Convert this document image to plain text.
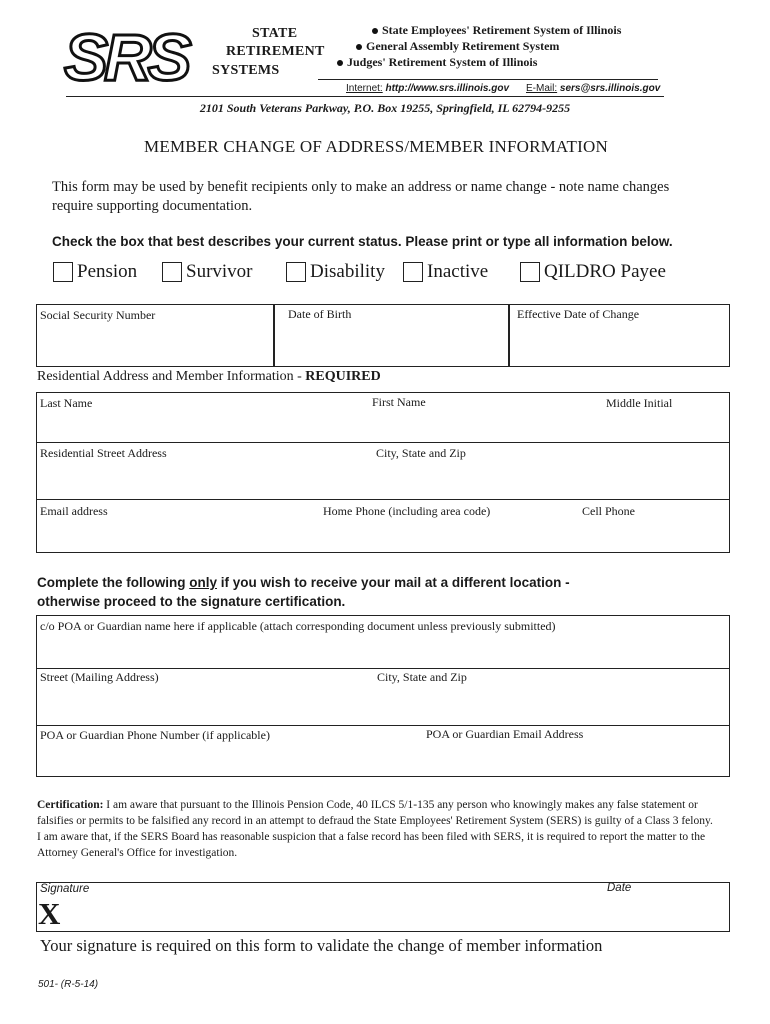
SRS	STATE
RETIREMENT
SYSTEMS
State Employees' Retirement System of Illinois
General Assembly Retirement System
Judges' Retirement System of Illinois
Internet: http://www.srs.illinois.gov E-Mail: sers@srs.illinois.gov
2101 South Veterans Parkway, P.O. Box 19255, Springfield, IL 62794-9255
MEMBER CHANGE OF ADDRESS/MEMBER INFORMATION
This form may be used by benefit recipients only to make an address or name change - note name changes require supporting documentation.
Check the box that best describes your current status. Please print or type all information below.
Pension	Survivor	Disability Inactive	QILDRO Payee
Social Security Number	Date of Birth	Effective Date of Change
Residential Address and Member Information - REQUIRED
Last Name	First Name	Middle Initial
Residential Street Address	City, State and Zip
Email address	Home Phone (including area code)	Cell Phone
Complete the following only if you wish to receive your mail at a different location -
otherwise proceed to the signature certification.
c/o POA or Guardian name here if applicable (attach corresponding document unless previously submitted)
Street (Mailing Address)	City, State and Zip
POA or Guardian Phone Number (if applicable)	POA or Guardian Email Address
Certification: I am aware that pursuant to the Illinois Pension Code, 40 ILCS 5/1-135 any person who knowingly makes any false statement or falsifies or permits to be falsified any record in an attempt to defraud the State Employees' Retirement System (SERS) is guilty of a Class 3 felony. I am aware that, if the SERS Board has reasonable suspicion that a false record has been filed with SERS, it is required to report the matter to the Attorney General's Office for investigation.
Signature	Date
X
Your signature is required on this form to validate the change of member information
501- (R-5-14)
